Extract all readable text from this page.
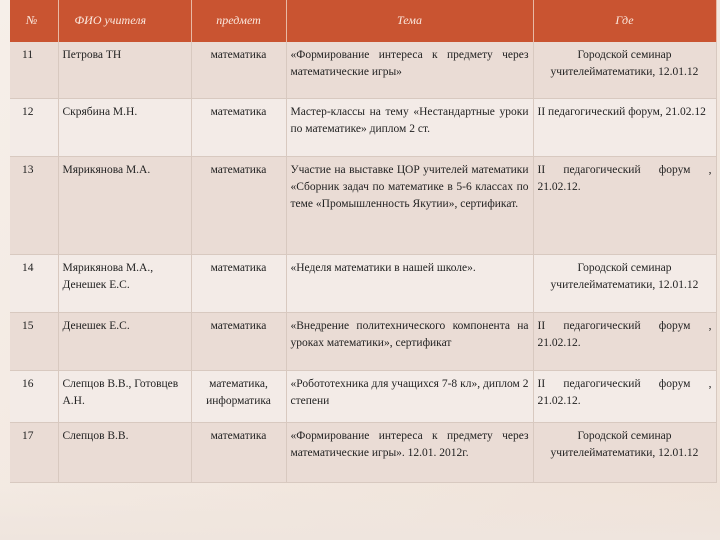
№	ФИО учителя	предмет	Тема	Где
11	Петрова ТН	математика	«Формирование интереса к предмету через математические игры»	Городской семинар учителейматематики, 12.01.12
12	Скрябина М.Н.	математика	Мастер-классы на тему «Нестандартные уроки по математике» диплом 2 ст.	II педагогический форум, 21.02.12
13	Мярикянова М.А.	математика	Участие на выставке ЦОР учителей математики «Сборник задач по математике в 5-6 классах по теме «Промышленность Якутии», сертификат.	II педагогический форум , 21.02.12.
14	Мярикянова М.А., Денешек Е.С.	математика	«Неделя математики в нашей школе».	Городской семинар учителейматематики, 12.01.12
15	Денешек Е.С.	математика	«Внедрение политехнического компонента на уроках математики», сертификат	II педагогический форум , 21.02.12.
16	Слепцов В.В., Готовцев А.Н.	математика, информатика	«Робототехника для учащихся 7-8 кл», диплом 2 степени	II педагогический форум , 21.02.12.
17	Слепцов В.В.	математика	«Формирование интереса к предмету через математические игры». 12.01. 2012г.	Городской семинар учителейматематики, 12.01.12
